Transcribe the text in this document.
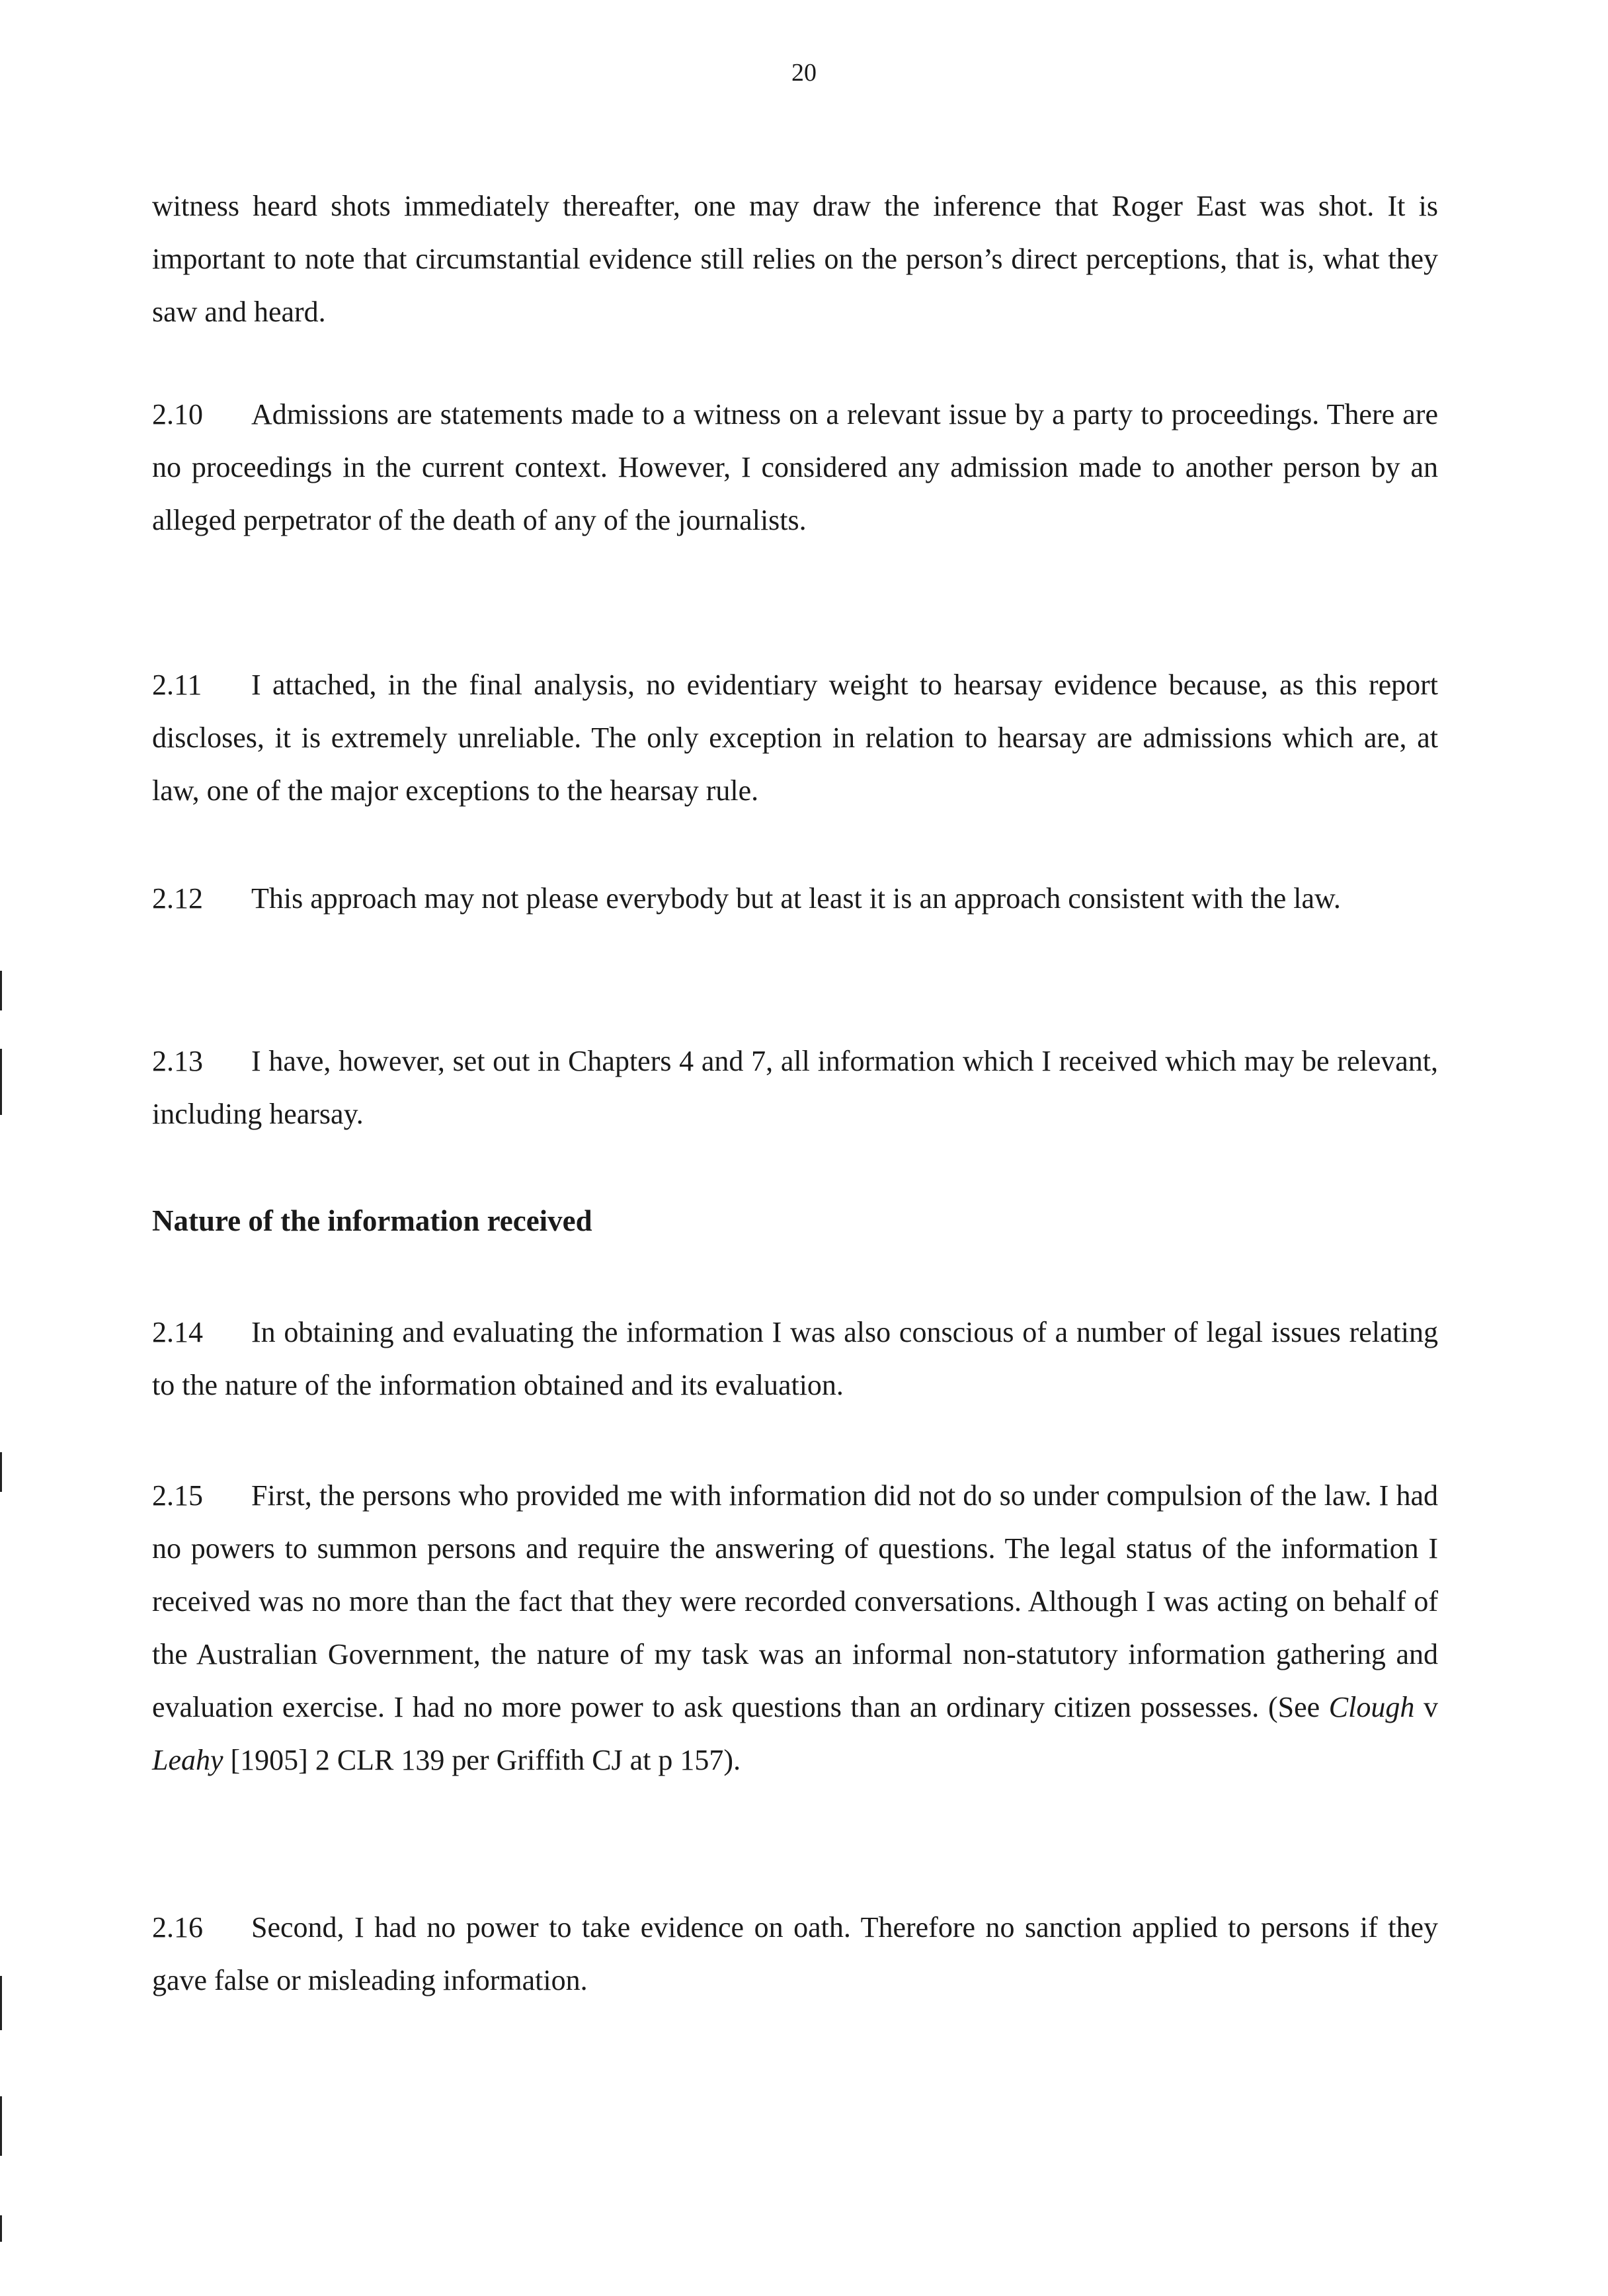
20

witness heard shots immediately thereafter, one may draw the inference that Roger East was shot. It is important to note that circumstantial evidence still relies on the person’s direct perceptions, that is, what they saw and heard.

2.10 Admissions are statements made to a witness on a relevant issue by a party to proceedings. There are no proceedings in the current context. However, I considered any admission made to another person by an alleged perpetrator of the death of any of the journalists.

2.11 I attached, in the final analysis, no evidentiary weight to hearsay evidence because, as this report discloses, it is extremely unreliable. The only exception in relation to hearsay are admissions which are, at law, one of the major exceptions to the hearsay rule.

2.12 This approach may not please everybody but at least it is an approach consistent with the law.

2.13 I have, however, set out in Chapters 4 and 7, all information which I received which may be relevant, including hearsay.

Nature of the information received

2.14 In obtaining and evaluating the information I was also conscious of a number of legal issues relating to the nature of the information obtained and its evaluation.

2.15 First, the persons who provided me with information did not do so under compulsion of the law. I had no powers to summon persons and require the answering of questions. The legal status of the information I received was no more than the fact that they were recorded conversations. Although I was acting on behalf of the Australian Government, the nature of my task was an informal non-statutory information gathering and evaluation exercise. I had no more power to ask questions than an ordinary citizen possesses. (See Clough v Leahy [1905] 2 CLR 139 per Griffith CJ at p 157).

2.16 Second, I had no power to take evidence on oath. Therefore no sanction applied to persons if they gave false or misleading information.
